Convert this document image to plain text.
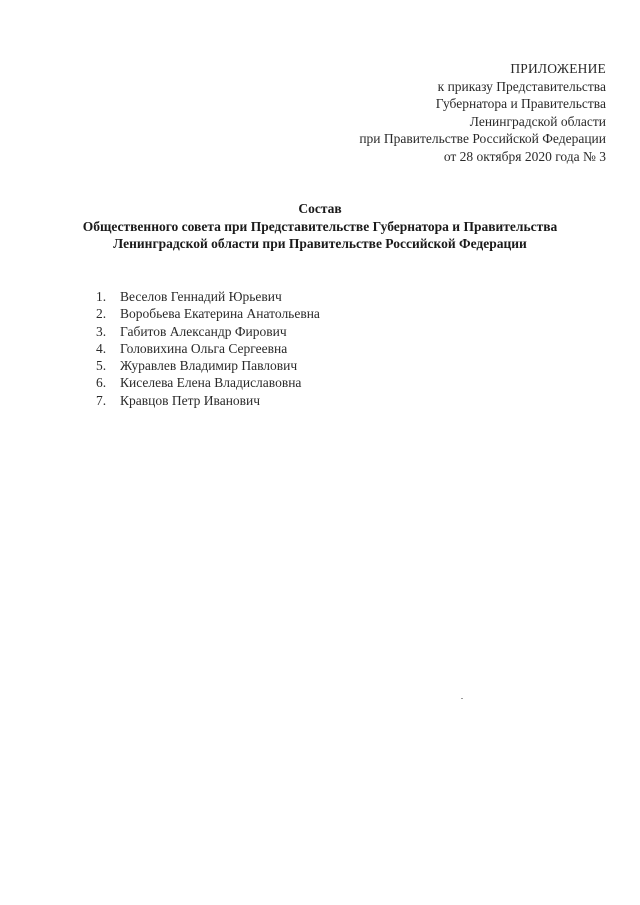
ПРИЛОЖЕНИЕ
к приказу Представительства
Губернатора и Правительства
Ленинградской области
при Правительстве Российской Федерации
от 28 октября 2020 года № 3
Состав
Общественного совета при Представительстве Губернатора и Правительства
Ленинградской области при Правительстве Российской Федерации
1.	Веселов Геннадий Юрьевич
2.	Воробьева Екатерина Анатольевна
3.	Габитов Александр Фирович
4.	Головихина Ольга Сергеевна
5.	Журавлев Владимир Павлович
6.	Киселева Елена Владиславовна
7.	Кравцов Петр Иванович
